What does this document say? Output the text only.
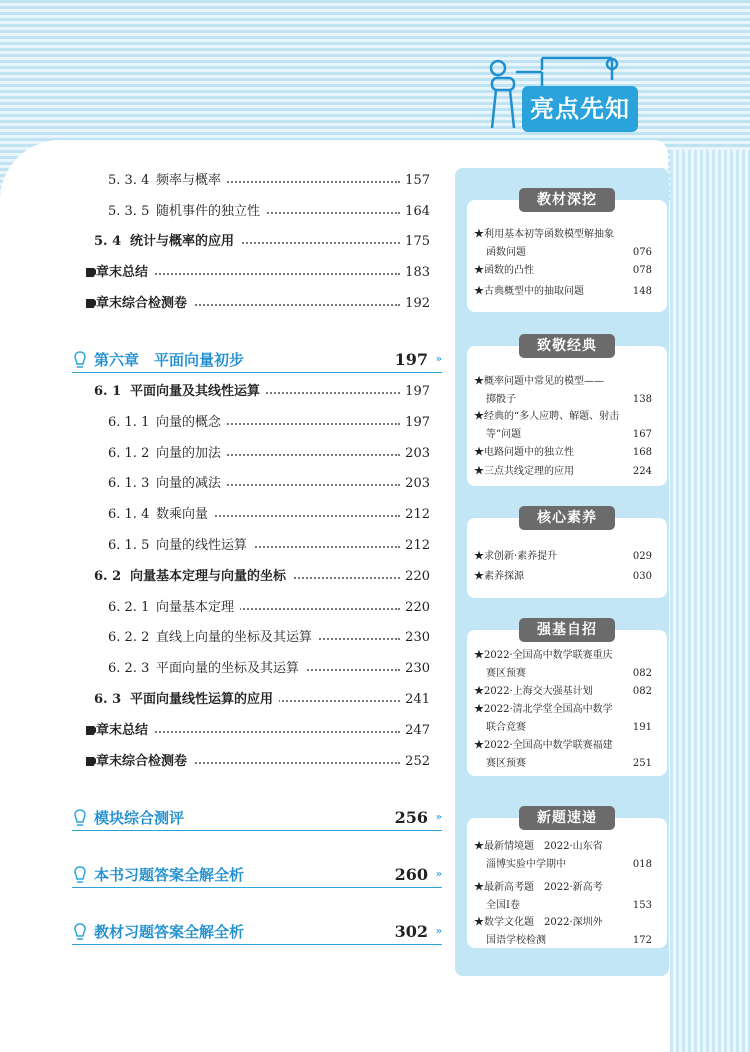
亮点先知
5. 3. 4 频率与概率	157
5. 3. 5 随机事件的独立性	164
5. 4 统计与概率的应用	175
章末总结	183
章末综合检测卷	192
第六章　平面向量初步	197 »
6. 1 平面向量及其线性运算	197
6. 1. 1 向量的概念	197
6. 1. 2 向量的加法	203
6. 1. 3 向量的减法	203
6. 1. 4 数乘向量	212
6. 1. 5 向量的线性运算	212
6. 2 向量基本定理与向量的坐标	220
6. 2. 1 向量基本定理	220
6. 2. 2 直线上向量的坐标及其运算	230
6. 2. 3 平面向量的坐标及其运算	230
6. 3 平面向量线性运算的应用	241
章末总结	247
章末综合检测卷	252
模块综合测评	256 »
本书习题答案全解全析	260 »
教材习题答案全解全析	302 »
教材深挖
★利用基本初等函数模型解抽象
函数问题	076
★函数的凸性	078
★古典概型中的抽取问题	148
致敬经典
★概率问题中常见的模型——
掷骰子	138
★经典的“多人应聘、解题、射击
等”问题	167
★电路问题中的独立性	168
★三点共线定理的应用	224
核心素养
★求创新·素养提升	029
★素养探源	030
强基自招
★2022·全国高中数学联赛重庆
赛区预赛	082
★2022·上海交大强基计划	082
★2022·清北学堂全国高中数学
联合竞赛	191
★2022·全国高中数学联赛福建
赛区预赛	251
新题速递
★最新情境题　2022·山东省
淄博实验中学期中	018
★最新高考题　2022·新高考
全国Ⅰ卷	153
★数学文化题　2022·深圳外
国语学校检测	172
